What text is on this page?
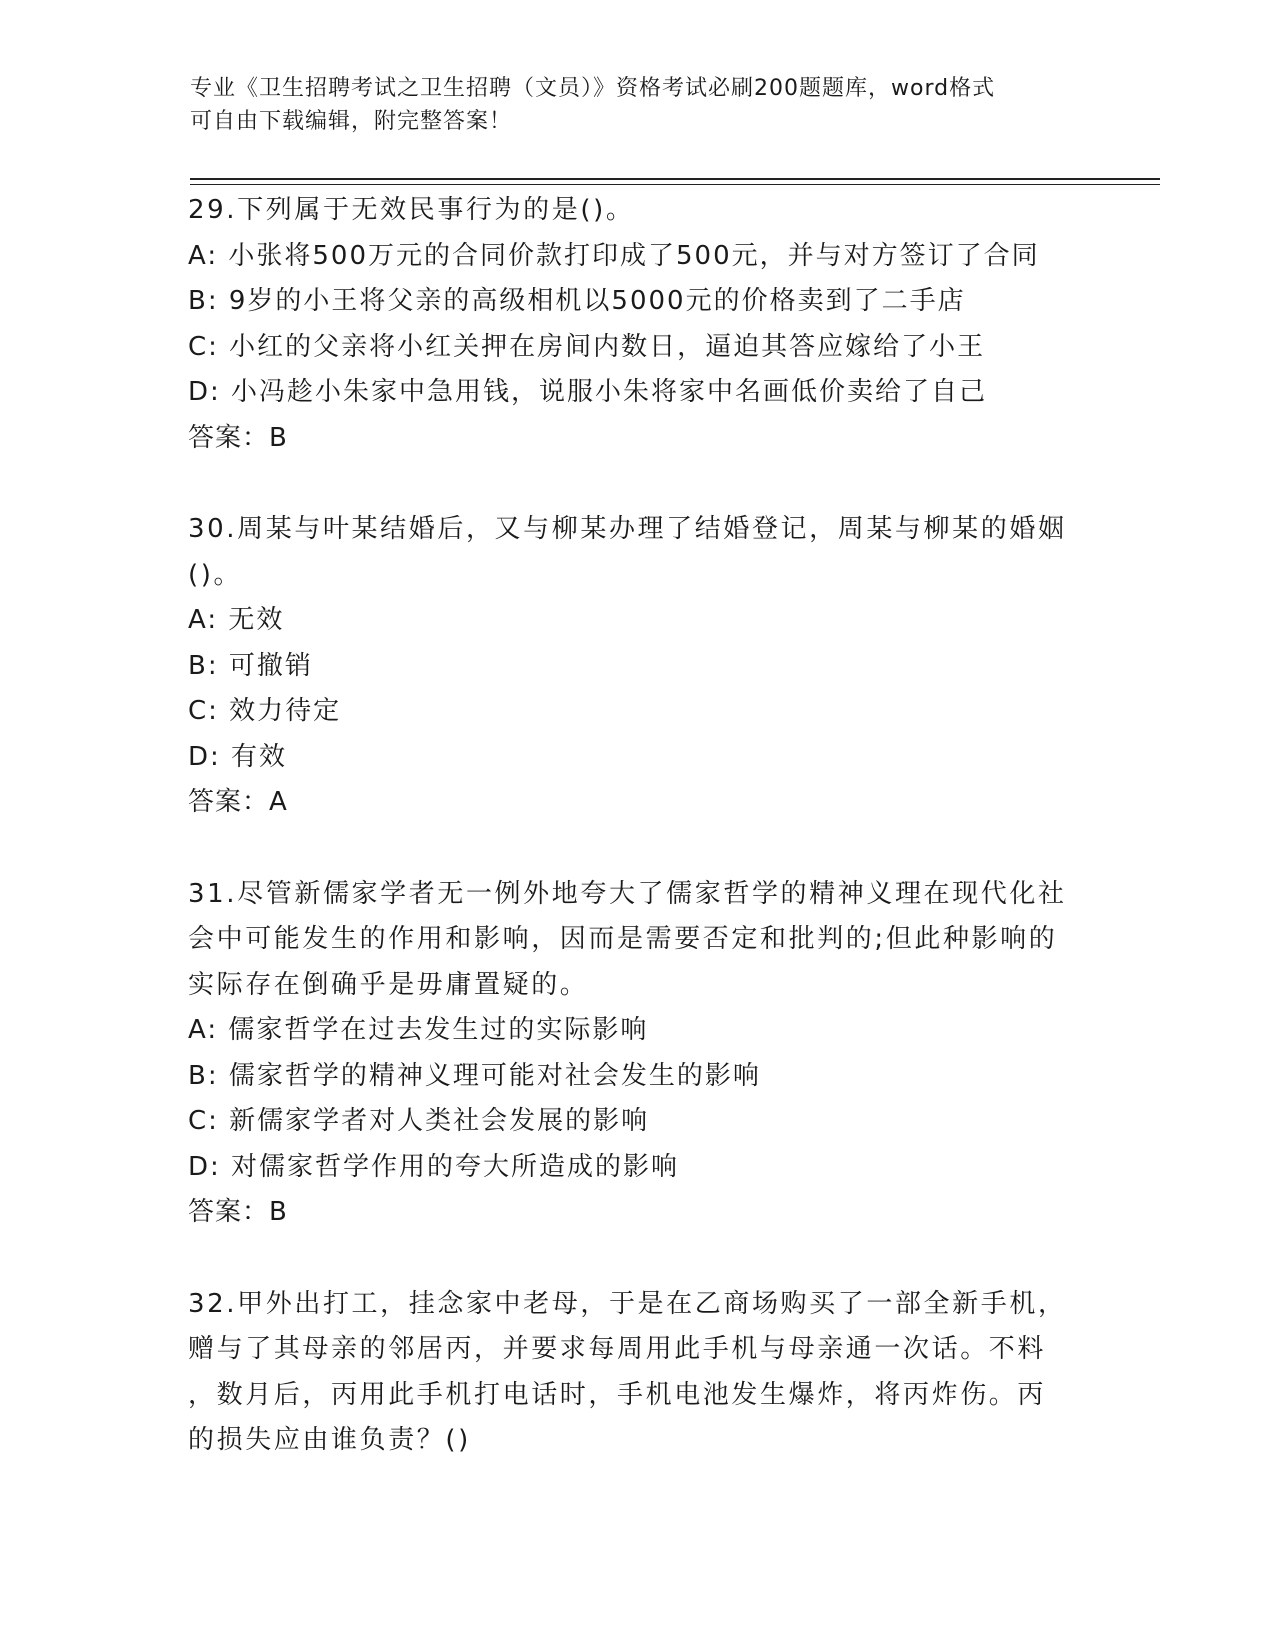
专业《卫生招聘考试之卫生招聘（文员）》资格考试必刷200题题库，word格式
可自由下载编辑，附完整答案！
29.下列属于无效民事行为的是()。
A: 小张将500万元的合同价款打印成了500元，并与对方签订了合同
B: 9岁的小王将父亲的高级相机以5000元的价格卖到了二手店
C: 小红的父亲将小红关押在房间内数日，逼迫其答应嫁给了小王
D: 小冯趁小朱家中急用钱，说服小朱将家中名画低价卖给了自己
答案：B
30.周某与叶某结婚后，又与柳某办理了结婚登记，周某与柳某的婚姻
()。
A: 无效
B: 可撤销
C: 效力待定
D: 有效
答案：A
31.尽管新儒家学者无一例外地夸大了儒家哲学的精神义理在现代化社
会中可能发生的作用和影响，因而是需要否定和批判的;但此种影响的
实际存在倒确乎是毋庸置疑的。
A: 儒家哲学在过去发生过的实际影响
B: 儒家哲学的精神义理可能对社会发生的影响
C: 新儒家学者对人类社会发展的影响
D: 对儒家哲学作用的夸大所造成的影响
答案：B
32.甲外出打工，挂念家中老母，于是在乙商场购买了一部全新手机，
赠与了其母亲的邻居丙，并要求每周用此手机与母亲通一次话。不料
，数月后，丙用此手机打电话时，手机电池发生爆炸，将丙炸伤。丙
的损失应由谁负责？()
